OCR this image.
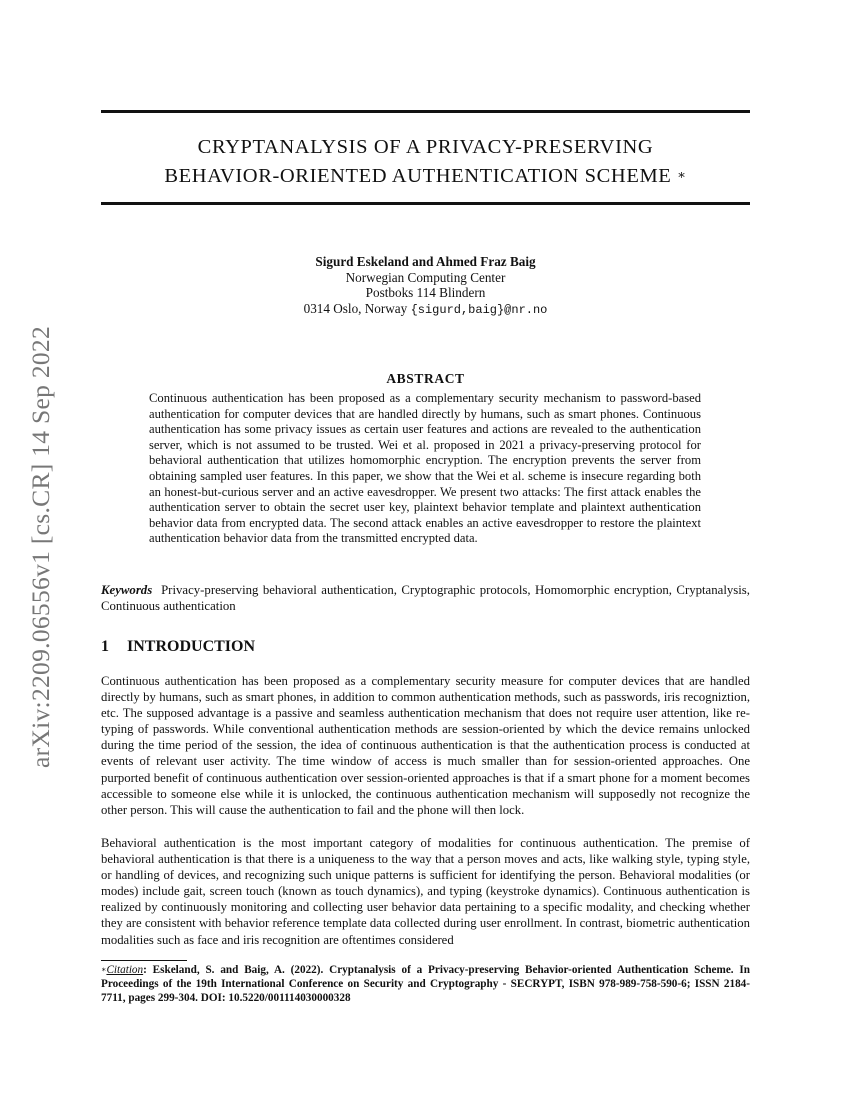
arXiv:2209.06556v1 [cs.CR] 14 Sep 2022
CRYPTANALYSIS OF A PRIVACY-PRESERVING
BEHAVIOR-ORIENTED AUTHENTICATION SCHEME ∗
Sigurd Eskeland and Ahmed Fraz Baig
Norwegian Computing Center
Postboks 114 Blindern
0314 Oslo, Norway {sigurd,baig}@nr.no
ABSTRACT
Continuous authentication has been proposed as a complementary security mechanism to password-based authentication for computer devices that are handled directly by humans, such as smart phones. Continuous authentication has some privacy issues as certain user features and actions are revealed to the authentication server, which is not assumed to be trusted. Wei et al. proposed in 2021 a privacy-preserving protocol for behavioral authentication that utilizes homomorphic encryption. The encryption prevents the server from obtaining sampled user features. In this paper, we show that the Wei et al. scheme is insecure regarding both an honest-but-curious server and an active eavesdropper. We present two attacks: The first attack enables the authentication server to obtain the secret user key, plaintext behavior template and plaintext authentication behavior data from encrypted data. The second attack enables an active eavesdropper to restore the plaintext authentication behavior data from the transmitted encrypted data.
Keywords Privacy-preserving behavioral authentication, Cryptographic protocols, Homomorphic encryption, Cryptanalysis, Continuous authentication
1 INTRODUCTION
Continuous authentication has been proposed as a complementary security measure for computer devices that are handled directly by humans, such as smart phones, in addition to common authentication methods, such as passwords, iris recogniztion, etc. The supposed advantage is a passive and seamless authentication mechanism that does not require user attention, like re-typing of passwords. While conventional authentication methods are session-oriented by which the device remains unlocked during the time period of the session, the idea of continuous authentication is that the authentication process is conducted at events of relevant user activity. The time window of access is much smaller than for session-oriented approaches. One purported benefit of continuous authentication over session-oriented approaches is that if a smart phone for a moment becomes accessible to someone else while it is unlocked, the continuous authentication mechanism will supposedly not recognize the other person. This will cause the authentication to fail and the phone will then lock.
Behavioral authentication is the most important category of modalities for continuous authentication. The premise of behavioral authentication is that there is a uniqueness to the way that a person moves and acts, like walking style, typing style, or handling of devices, and recognizing such unique patterns is sufficient for identifying the person. Behavioral modalities (or modes) include gait, screen touch (known as touch dynamics), and typing (keystroke dynamics). Continuous authentication is realized by continuously monitoring and collecting user behavior data pertaining to a specific modality, and checking whether they are consistent with behavior reference template data collected during user enrollment. In contrast, biometric authentication modalities such as face and iris recognition are oftentimes considered
∗Citation: Eskeland, S. and Baig, A. (2022). Cryptanalysis of a Privacy-preserving Behavior-oriented Authentication Scheme. In Proceedings of the 19th International Conference on Security and Cryptography - SECRYPT, ISBN 978-989-758-590-6; ISSN 2184-7711, pages 299-304. DOI: 10.5220/001114030000328
